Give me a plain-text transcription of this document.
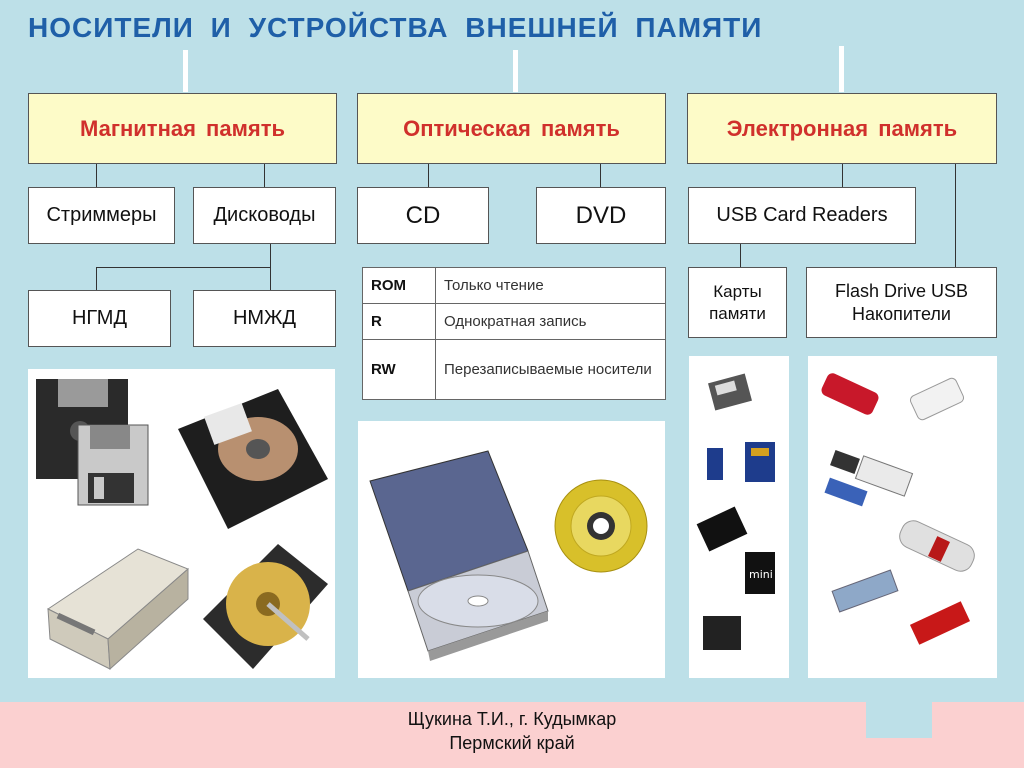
НОСИТЕЛИ И УСТРОЙСТВА ВНЕШНЕЙ ПАМЯТИ
Магнитная память	Оптическая память	Электронная память
Стриммеры	Дисководы
НГМД	НМЖД
CD	DVD
ROM	Только чтение
R	Однократная запись
RW	Перезаписываемые носители
USB Card Readers
Карты памяти
Flash Drive USB Накопители
mini
Щукина Т.И., г. Кудымкар
Пермский край
